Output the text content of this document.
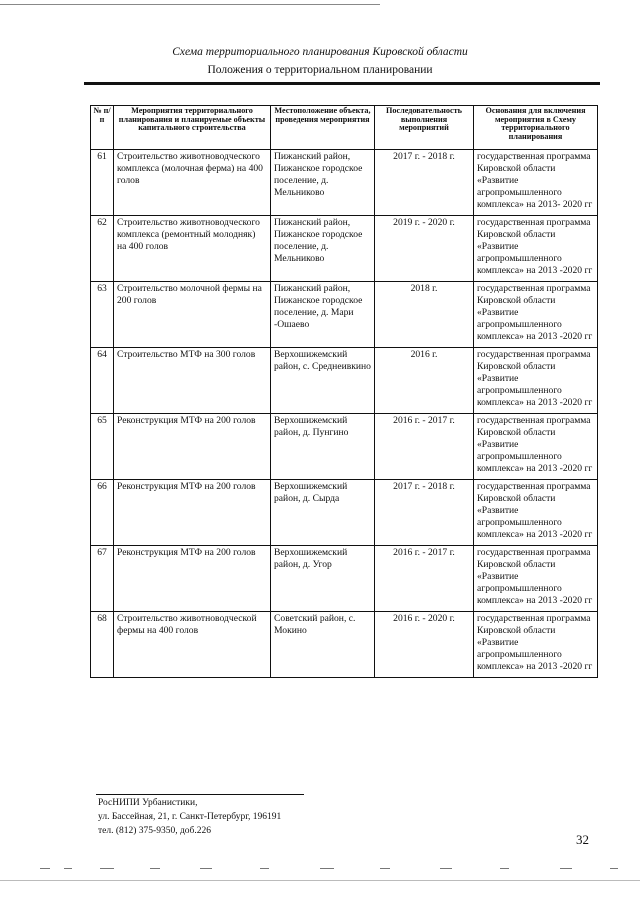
Схема территориального планирования Кировской области
Положения о территориальном планировании
№ п/п	Мероприятия территориального планирования и планируемые объекты капитального строительства	Местоположение объекта, проведения мероприятия	Последовательность выполнения мероприятий	Основания для включения мероприятия в Схему территориального планирования
61	Строительство животноводческого комплекса (молочная ферма) на 400 голов	Пижанский район, Пижанское городское поселение, д. Мельниково	2017 г. - 2018 г.	государственная программа Кировской области «Развитие агропромышленного комплекса» на 2013- 2020 гг
62	Строительство животноводческого комплекса (ремонтный молодняк) на 400 голов	Пижанский район, Пижанское городское поселение, д. Мельниково	2019 г. - 2020 г.	государственная программа Кировской области «Развитие агропромышленного комплекса» на 2013 -2020 гг
63	Строительство молочной фермы на 200 голов	Пижанский район, Пижанское городское поселение, д. Мари -Ошаево	2018 г.	государственная программа Кировской области «Развитие агропромышленного комплекса» на 2013 -2020 гг
64	Строительство МТФ на 300 голов	Верхошижемский район, с. Среднеивкино	2016 г.	государственная программа Кировской области «Развитие агропромышленного комплекса» на 2013 -2020 гг
65	Реконструкция МТФ на 200 голов	Верхошижемский район, д. Пунгино	2016 г. - 2017 г.	государственная программа Кировской области «Развитие агропромышленного комплекса» на 2013 -2020 гг
66	Реконструкция МТФ на 200 голов	Верхошижемский район, д. Сырда	2017 г. - 2018 г.	государственная программа Кировской области «Развитие агропромышленного комплекса» на 2013 -2020 гг
67	Реконструкция МТФ на 200 голов	Верхошижемский район, д. Угор	2016 г. - 2017 г.	государственная программа Кировской области «Развитие агропромышленного комплекса» на 2013 -2020 гг
68	Строительство животноводческой фермы на 400 голов	Советский район, с. Мокино	2016 г. - 2020 г.	государственная программа Кировской области «Развитие агропромышленного комплекса» на 2013 -2020 гг
РосНИПИ Урбанистики,
ул. Бассейная, 21, г. Санкт-Петербург, 196191
тел. (812) 375-9350, доб.226
32
